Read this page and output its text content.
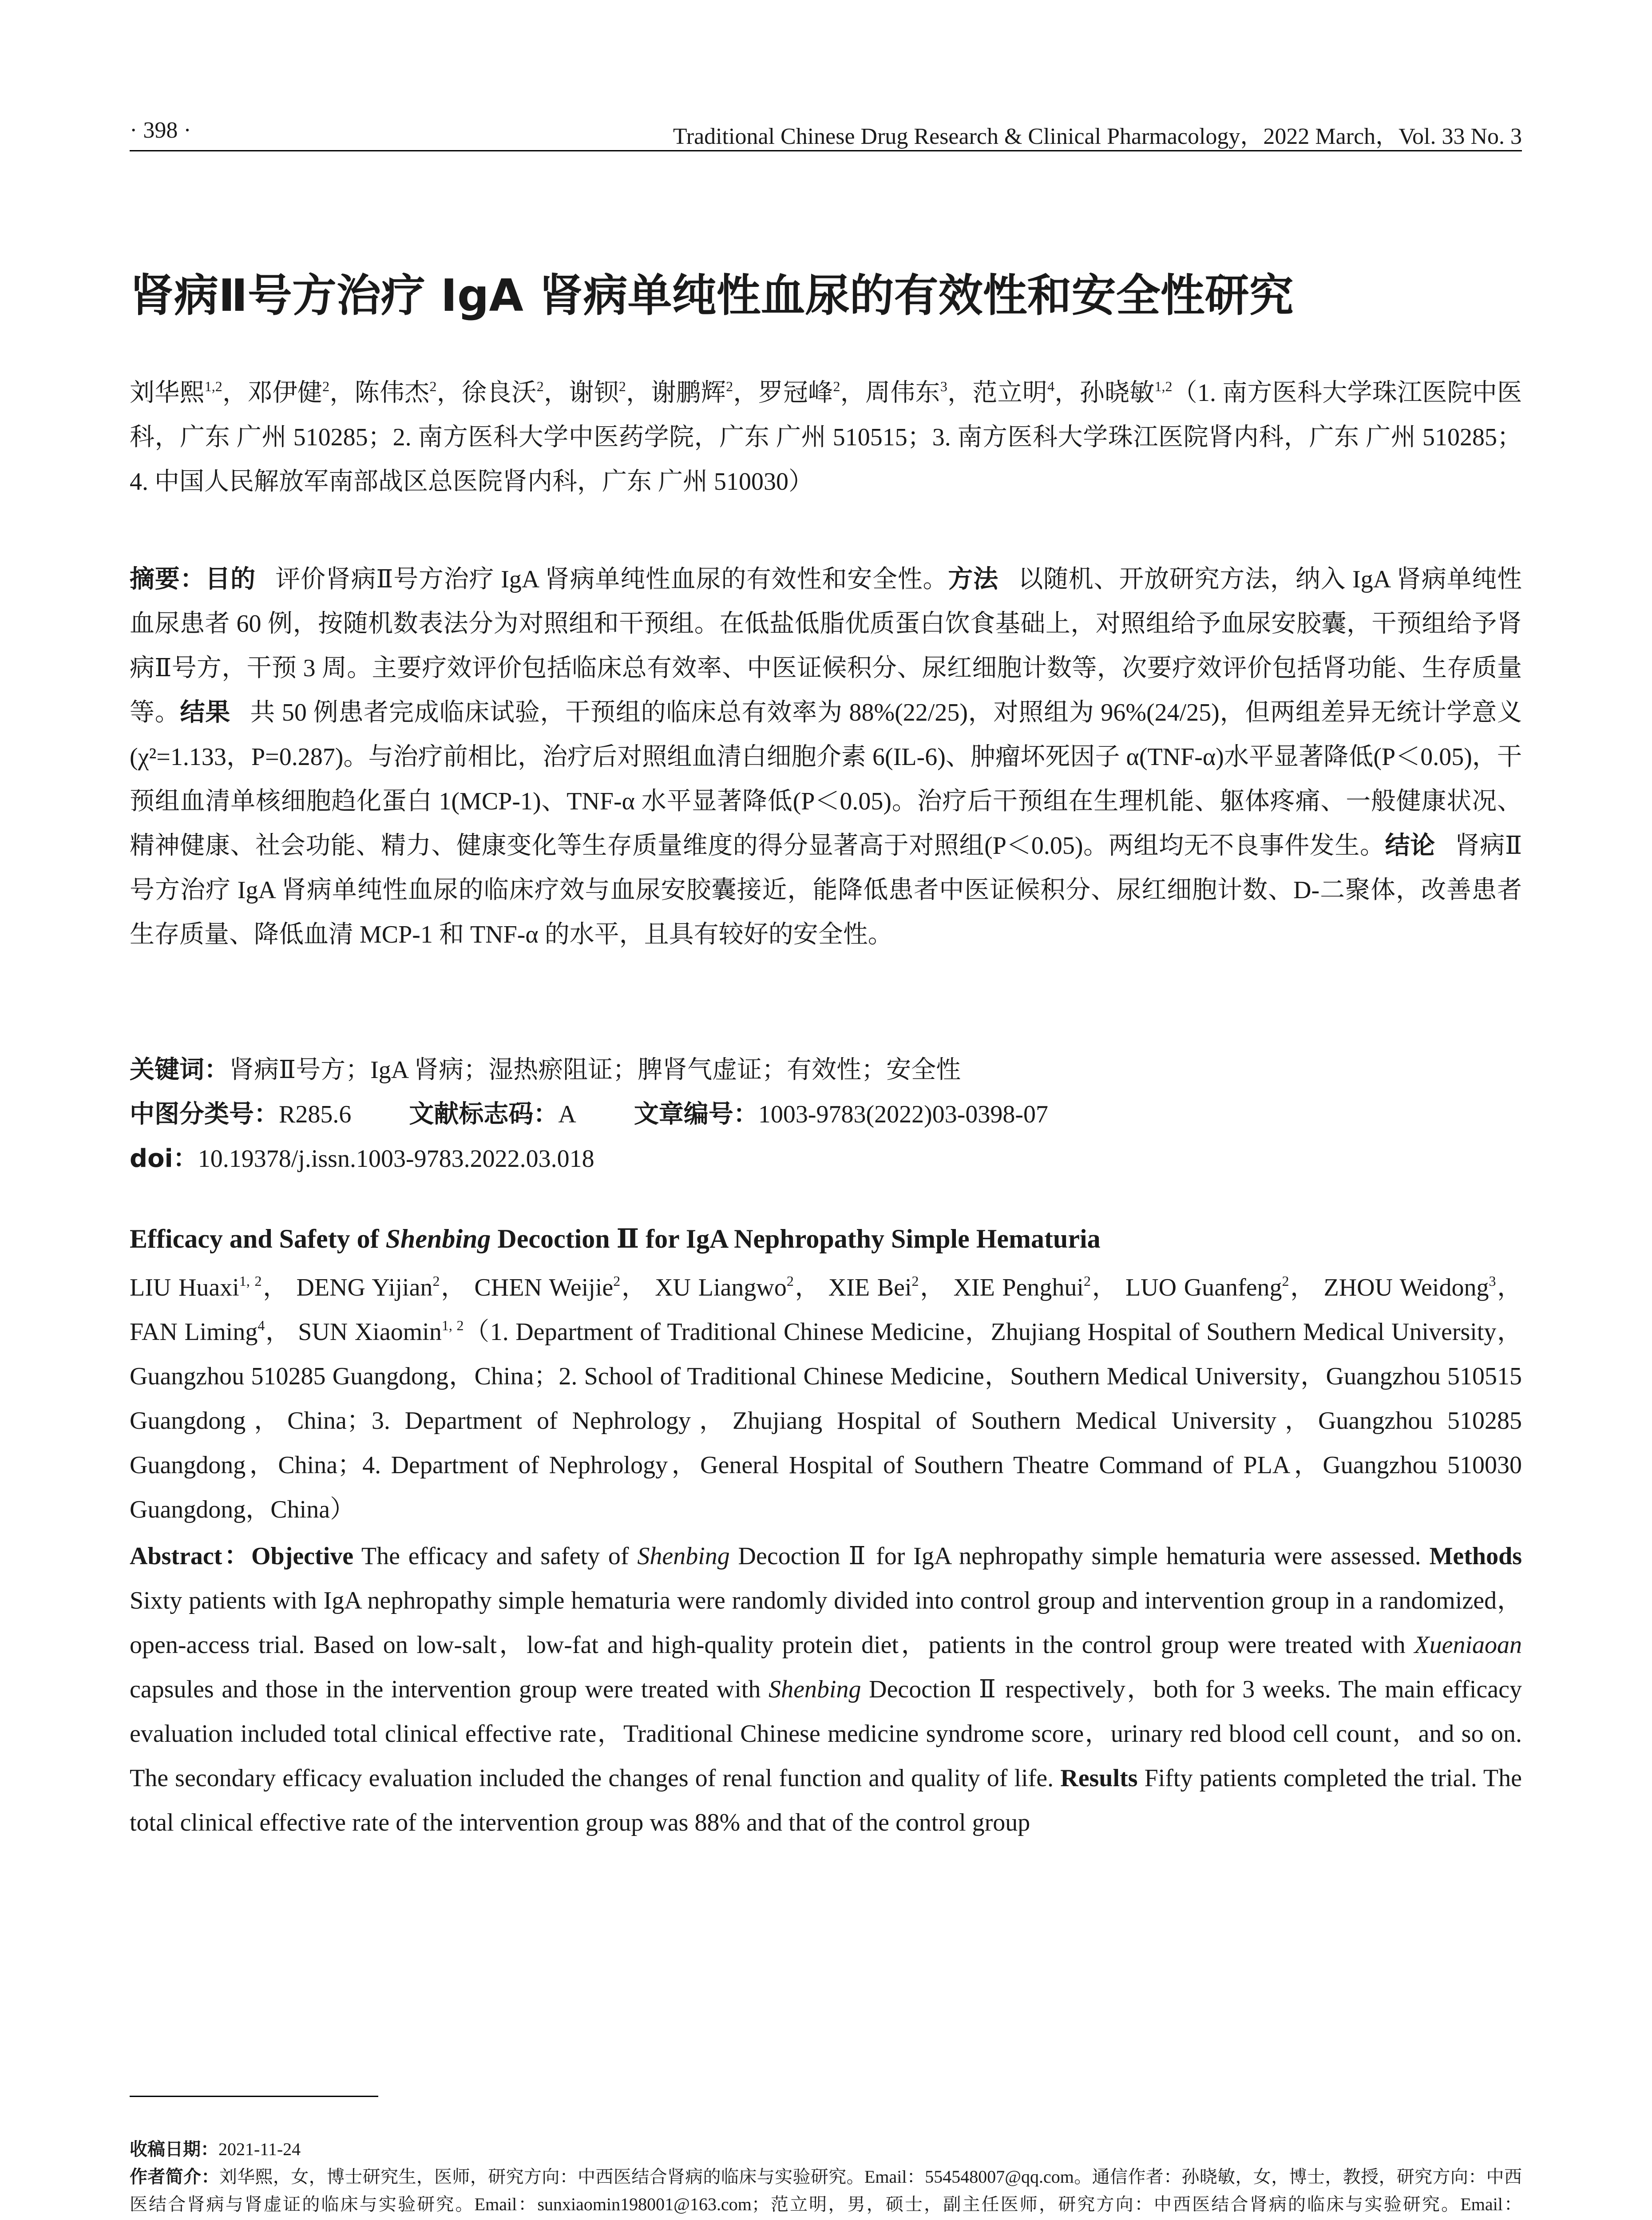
· 398 ·	Traditional Chinese Drug Research & Clinical Pharmacology，2022 March，Vol. 33 No. 3
肾病Ⅱ号方治疗 IgA 肾病单纯性血尿的有效性和安全性研究
刘华熙$^{1,2}$，邓伊健$^2$，陈伟杰$^2$，徐良沃$^2$，谢钡$^2$，谢鹏辉$^2$，罗冠峰$^2$，周伟东$^3$，范立明$^4$，孙晓敏$^{1,2}$（1. 南方医科大学珠江医院中医科，广东 广州 510285；2. 南方医科大学中医药学院，广东 广州 510515；3. 南方医科大学珠江医院肾内科，广东 广州 510285；4. 中国人民解放军南部战区总医院肾内科，广东 广州 510030）
摘要：目的 评价肾病Ⅱ号方治疗 IgA 肾病单纯性血尿的有效性和安全性。方法 以随机、开放研究方法，纳入 IgA 肾病单纯性血尿患者 60 例，按随机数表法分为对照组和干预组。在低盐低脂优质蛋白饮食基础上，对照组给予血尿安胶囊，干预组给予肾病Ⅱ号方，干预 3 周。主要疗效评价包括临床总有效率、中医证候积分、尿红细胞计数等，次要疗效评价包括肾功能、生存质量等。结果 共 50 例患者完成临床试验，干预组的临床总有效率为 88%(22/25)，对照组为 96%(24/25)，但两组差异无统计学意义(χ²=1.133，P=0.287)。与治疗前相比，治疗后对照组血清白细胞介素 6(IL-6)、肿瘤坏死因子 α(TNF-α)水平显著降低(P＜0.05)，干预组血清单核细胞趋化蛋白 1(MCP-1)、TNF-α 水平显著降低(P＜0.05)。治疗后干预组在生理机能、躯体疼痛、一般健康状况、精神健康、社会功能、精力、健康变化等生存质量维度的得分显著高于对照组(P＜0.05)。两组均无不良事件发生。结论 肾病Ⅱ号方治疗 IgA 肾病单纯性血尿的临床疗效与血尿安胶囊接近，能降低患者中医证候积分、尿红细胞计数、D-二聚体，改善患者生存质量、降低血清 MCP-1 和 TNF-α 的水平，且具有较好的安全性。
关键词：肾病Ⅱ号方；IgA 肾病；湿热瘀阻证；脾肾气虚证；有效性；安全性
中图分类号：R285.6 文献标志码：A 文章编号：1003-9783(2022)03-0398-07
doi：10.19378/j.issn.1003-9783.2022.03.018
Efficacy and Safety of Shenbing Decoction Ⅱ for IgA Nephropathy Simple Hematuria
LIU Huaxi$^{1, 2}$， DENG Yijian$^2$， CHEN Weijie$^2$， XU Liangwo$^2$， XIE Bei$^2$， XIE Penghui$^2$， LUO Guanfeng$^2$， ZHOU Weidong$^3$， FAN Liming$^4$， SUN Xiaomin$^{1, 2}$（1. Department of Traditional Chinese Medicine，Zhujiang Hospital of Southern Medical University，Guangzhou 510285 Guangdong，China；2. School of Traditional Chinese Medicine，Southern Medical University，Guangzhou 510515 Guangdong，China；3. Department of Nephrology，Zhujiang Hospital of Southern Medical University，Guangzhou 510285 Guangdong，China；4. Department of Nephrology，General Hospital of Southern Theatre Command of PLA，Guangzhou 510030 Guangdong，China）
Abstract：Objective The efficacy and safety of Shenbing Decoction Ⅱ for IgA nephropathy simple hematuria were assessed. Methods Sixty patients with IgA nephropathy simple hematuria were randomly divided into control group and intervention group in a randomized，open-access trial. Based on low-salt，low-fat and high-quality protein diet，patients in the control group were treated with Xueniaoan capsules and those in the intervention group were treated with Shenbing Decoction Ⅱ respectively，both for 3 weeks. The main efficacy evaluation included total clinical effective rate，Traditional Chinese medicine syndrome score，urinary red blood cell count，and so on. The secondary efficacy evaluation included the changes of renal function and quality of life. Results Fifty patients completed the trial. The total clinical effective rate of the intervention group was 88% and that of the control group

收稿日期：2021-11-24

作者简介：刘华熙，女，博士研究生，医师，研究方向：中西医结合肾病的临床与实验研究。Email：554548007@qq.com。通信作者：孙晓敏，女，博士，教授，研究方向：中西医结合肾病与肾虚证的临床与实验研究。Email：sunxiaomin198001@163.com；范立明，男，硕士，副主任医师，研究方向：中西医结合肾病的临床与实验研究。Email：
